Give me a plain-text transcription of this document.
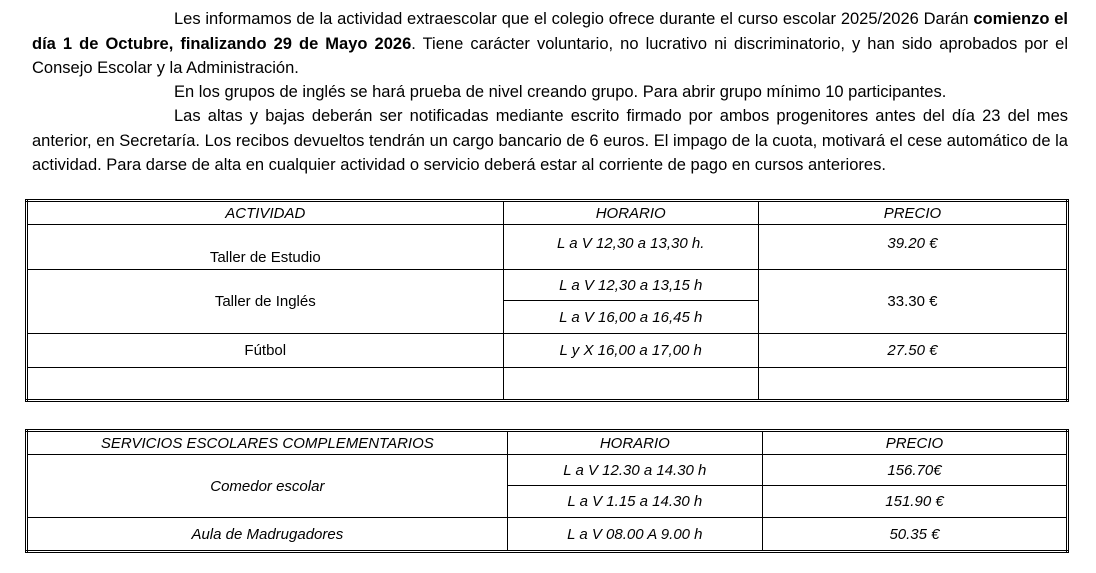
Les informamos de la actividad extraescolar que el colegio ofrece durante el curso escolar 2025/2026 Darán comienzo el día 1 de Octubre, finalizando 29 de Mayo 2026. Tiene carácter voluntario, no lucrativo ni discriminatorio, y han sido aprobados por el Consejo Escolar y la Administración.

En los grupos de inglés se hará prueba de nivel creando grupo. Para abrir grupo mínimo 10 participantes.

Las altas y bajas deberán ser notificadas mediante escrito firmado por ambos progenitores antes del día 23 del mes anterior, en Secretaría. Los recibos devueltos tendrán un cargo bancario de 6 euros. El impago de la cuota, motivará el cese automático de la actividad. Para darse de alta en cualquier actividad o servicio deberá estar al corriente de pago en cursos anteriores.

ACTIVIDAD	HORARIO	PRECIO
Taller de Estudio	L a V 12,30 a 13,30 h.	39.20 €
Taller de Inglés	L a V 12,30 a 13,15 h	33.30 €
	L a V 16,00 a 16,45 h	
Fútbol	L y X 16,00 a 17,00 h	27.50 €

SERVICIOS ESCOLARES COMPLEMENTARIOS	HORARIO	PRECIO
Comedor escolar	L a V 12.30 a 14.30 h	156.70€
	L a V 1.15 a 14.30 h	151.90 €
Aula de Madrugadores	L a V 08.00 A 9.00 h	50.35 €
